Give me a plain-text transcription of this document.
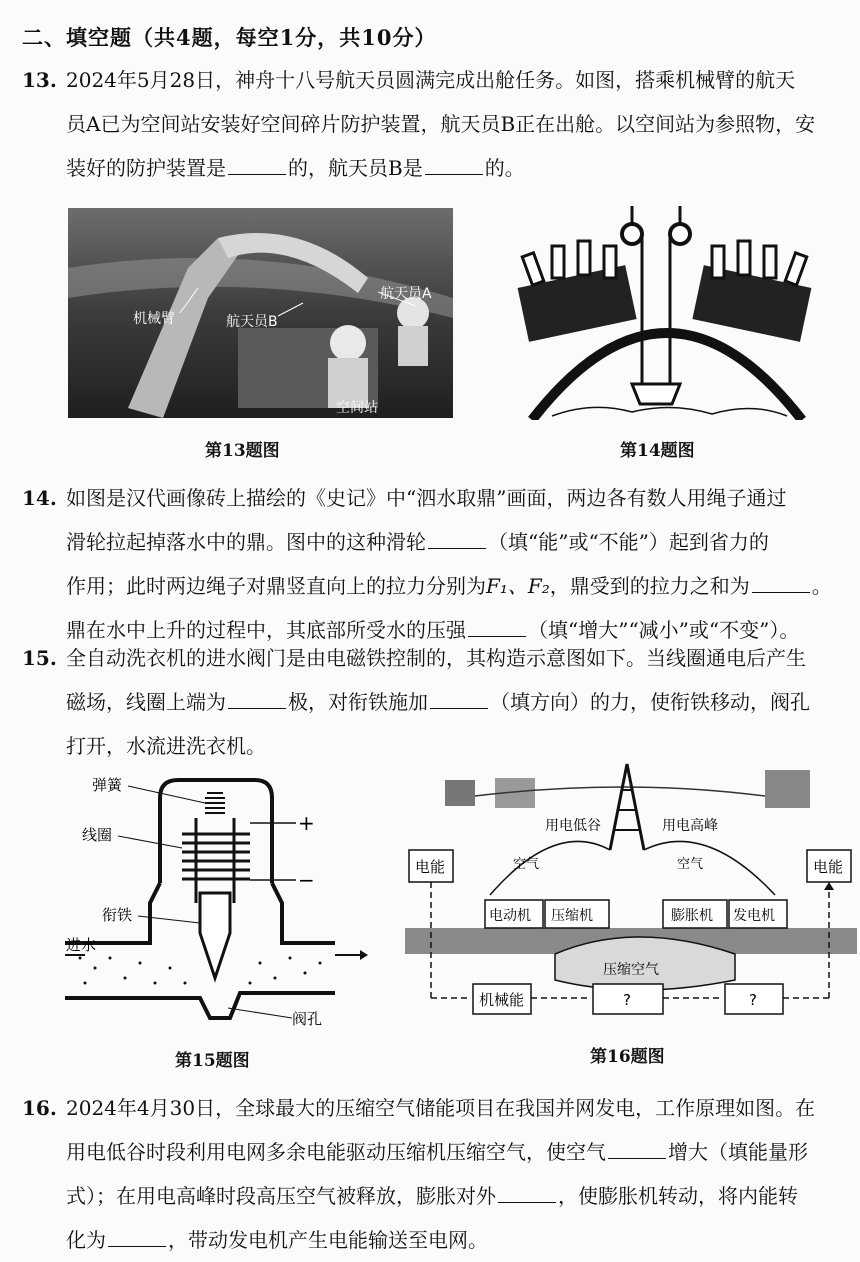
二、填空题（共4题，每空1分，共10分）
13. 2024年5月28日，神舟十八号航天员圆满完成出舱任务。如图，搭乘机械臂的航天
员A已为空间站安装好空间碎片防护装置，航天员B正在出舱。以空间站为参照物，安
装好的防护装置是	的，航天员B是	的。
机械臂	航天员B
航天员A
空间站
第13题图	第14题图
14. 如图是汉代画像砖上描绘的《史记》中“泗水取鼎”画面，两边各有数人用绳子通过
滑轮拉起掉落水中的鼎。图中的这种滑轮	（填“能”或“不能”）起到省力的
作用；此时两边绳子对鼎竖直向上的拉力分别为F₁、F₂，鼎受到的拉力之和为	。
鼎在水中上升的过程中，其底部所受水的压强	（填“增大”“减小”或“不变”）。
15. 全自动洗衣机的进水阀门是由电磁铁控制的，其构造示意图如下。当线圈通电后产生
磁场，线圈上端为	极，对衔铁施加	（填方向）的力，使衔铁移动，阀孔
打开，水流进洗衣机。
弹簧
线圈	+
−
衔铁
进水
阀孔
用电低谷	用电高峰
电能	电能
空气	空气
压缩空气
电动机 压缩机	膨胀机 发电机
机械能	?	?
第15题图	第16题图
16. 2024年4月30日，全球最大的压缩空气储能项目在我国并网发电，工作原理如图。在
用电低谷时段利用电网多余电能驱动压缩机压缩空气，使空气	增大（填能量形
式）；在用电高峰时段高压空气被释放，膨胀对外	，使膨胀机转动，将内能转
化为	，带动发电机产生电能输送至电网。
